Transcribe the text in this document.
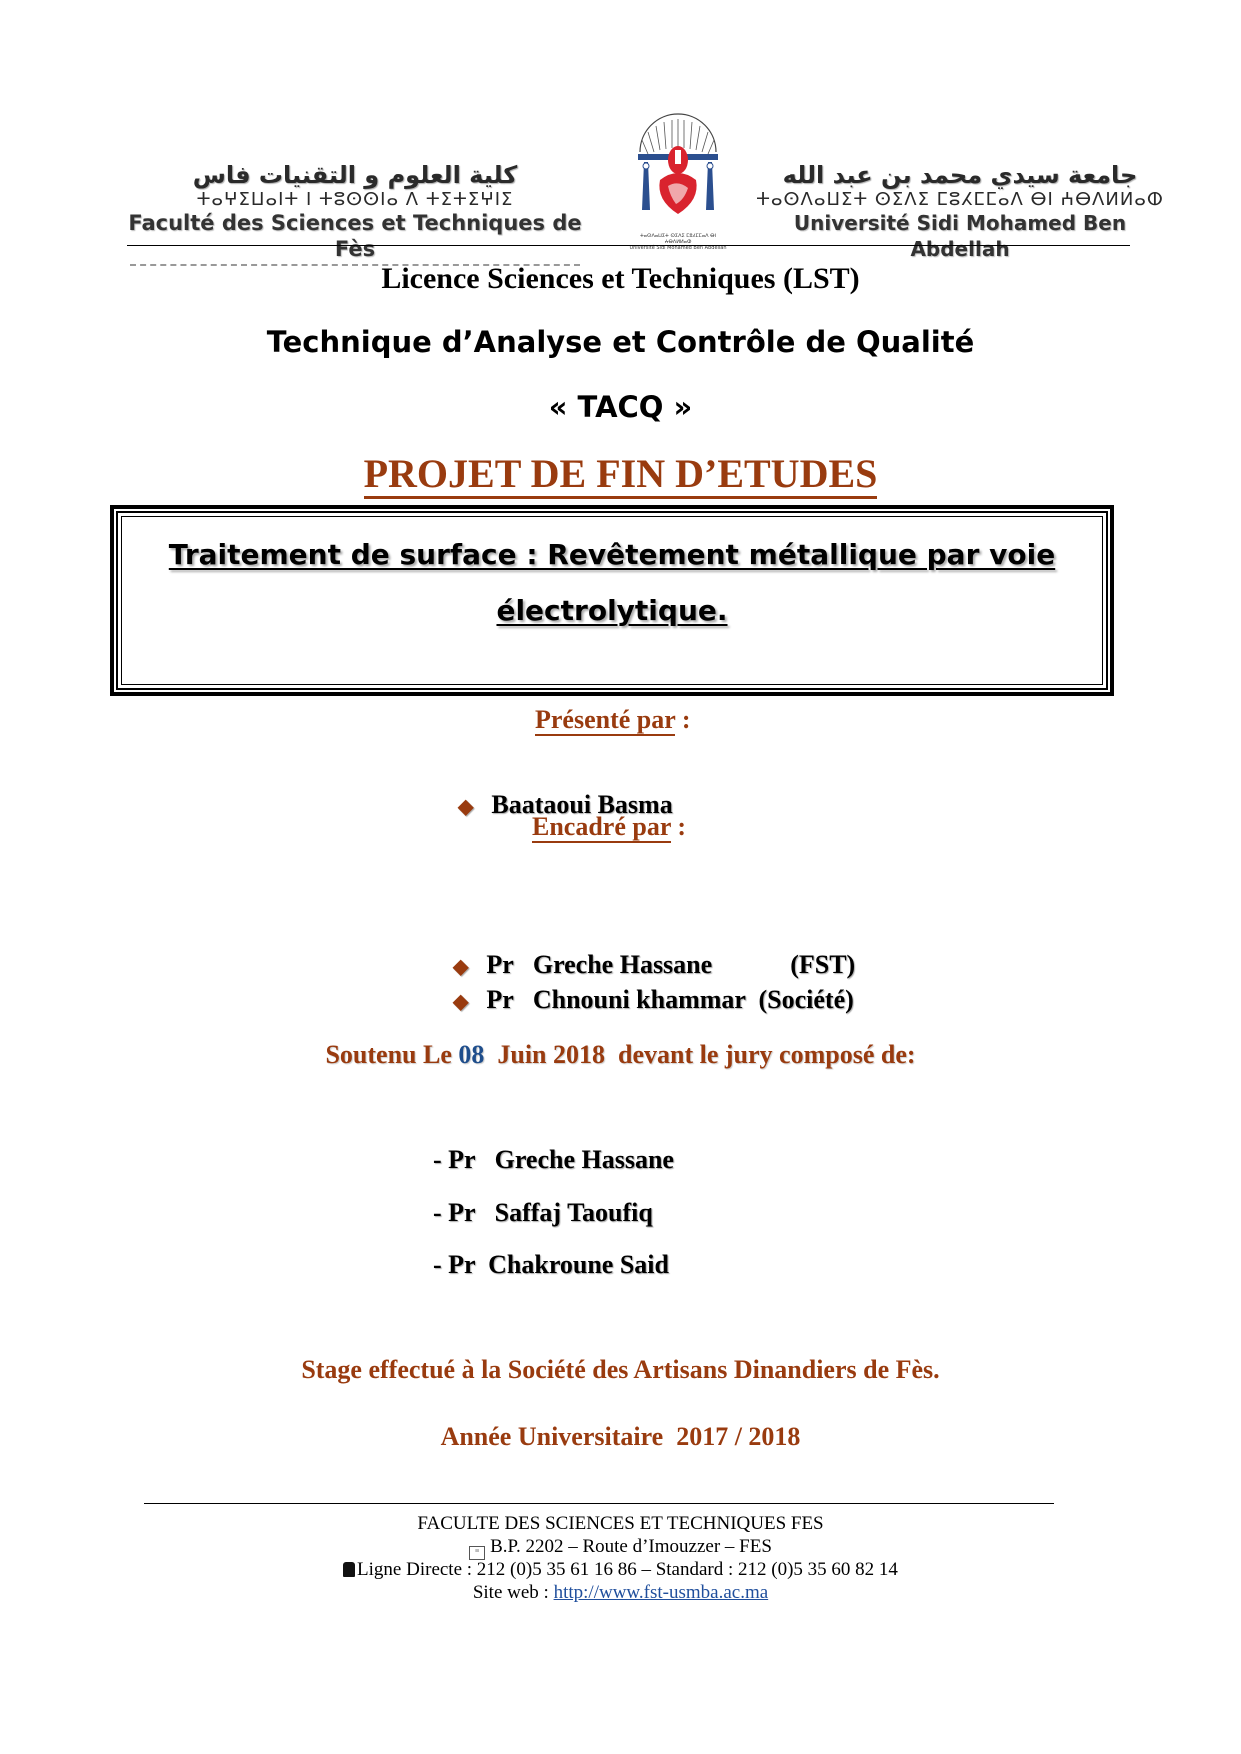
كلية العلوم و التقنيات فاس
ⵜⴰⵖⵉⵡⴰⵏⵜ ⵏ ⵜⵓⵙⵙⵏⴰ ⴷ ⵜⵉⵜⵉⵖⵏⵉ
Faculté des Sciences et Techniques de Fès
ⵜⴰⵙⴷⴰⵡⵉⵜ ⵙⵉⴷⵉ ⵎⵓⵃⵎⵎⴰⴷ ⴱⵏ ⵄⴱⴷⵍⵍⴰⵀ
Université Sidi Mohamed Ben Abdellah
جامعة سيدي محمد بن عبد الله
ⵜⴰⵙⴷⴰⵡⵉⵜ ⵙⵉⴷⵉ ⵎⵓⵃⵎⵎⴰⴷ ⴱⵏ ⵄⴱⴷⵍⵍⴰⵀ
Université Sidi Mohamed Ben Abdellah
Licence Sciences et Techniques (LST)
Technique d’Analyse et Contrôle de Qualité
« TACQ »
PROJET DE FIN D’ETUDES
Traitement de surface : Revêtement métallique par voie
électrolytique.
Présenté par :

◆ Baataoui Basma

Encadré par :

◆ Pr Greche Hassane	(FST)

◆ Pr Chnouni khammar (Société)

Soutenu Le 08  Juin 2018  devant le jury composé de:
- Pr Greche Hassane
- Pr Saffaj Taoufiq
- Pr Chakroune Said
Stage effectué à la Société des Artisans Dinandiers de Fès.
Année Universitaire  2017 / 2018
FACULTE DES SCIENCES ET TECHNIQUES FES
≡ B.P. 2202 – Route d’Imouzzer – FES
Ligne Directe : 212 (0)5 35 61 16 86 – Standard : 212 (0)5 35 60 82 14
Site web : http://www.fst-usmba.ac.ma
